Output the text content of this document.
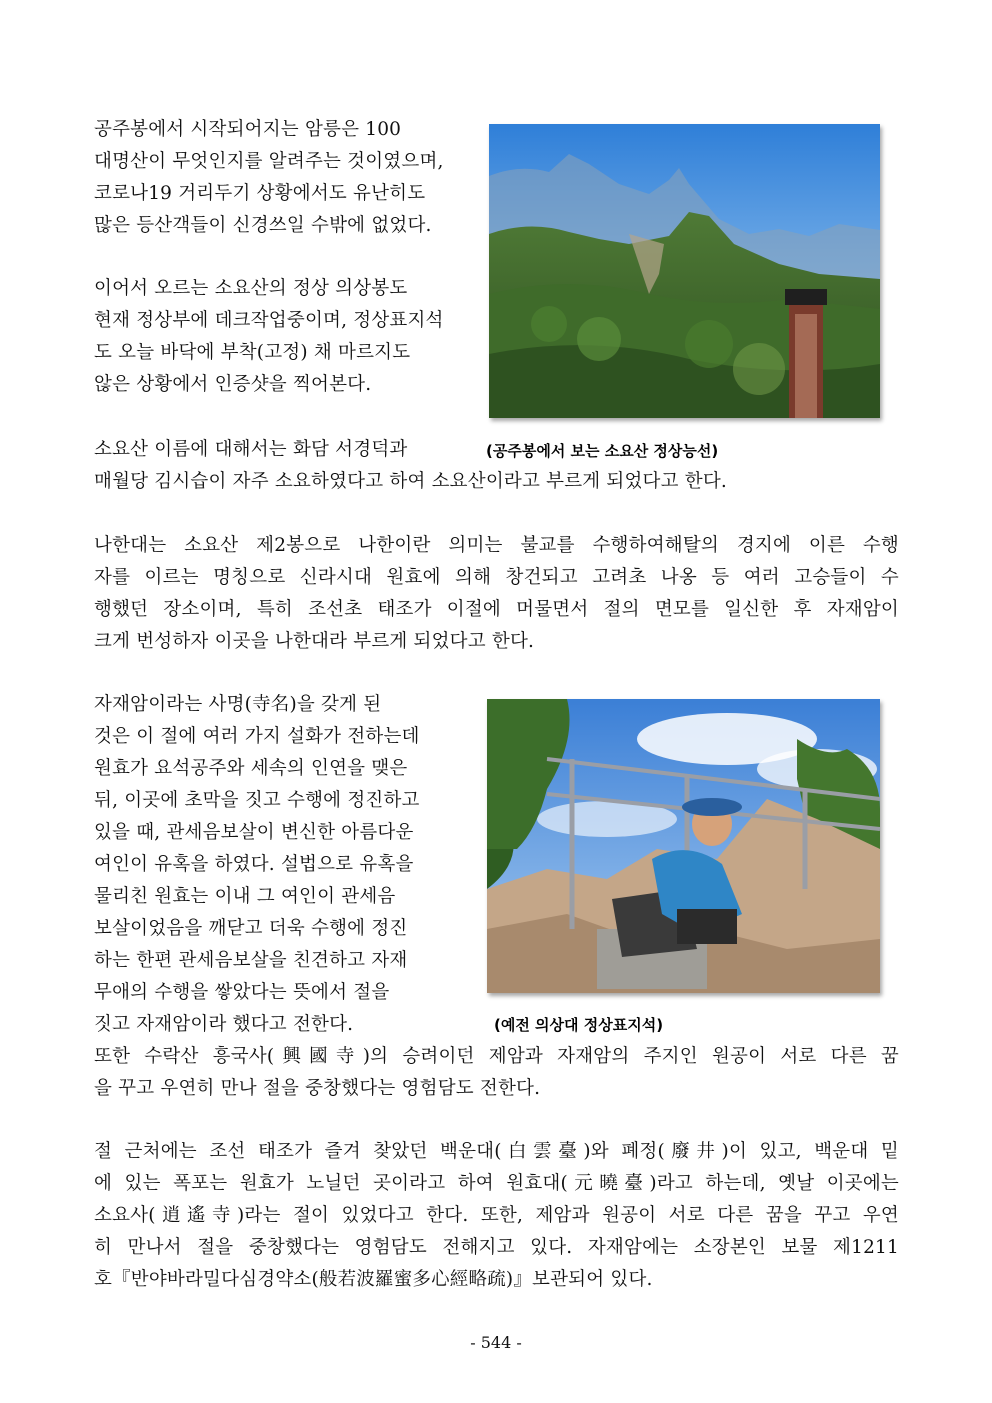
공주봉에서 시작되어지는 암릉은 100
대명산이 무엇인지를 알려주는 것이였으며,
코로나19 거리두기 상황에서도 유난히도
많은 등산객들이 신경쓰일 수밖에 없었다.
이어서 오르는 소요산의 정상 의상봉도
현재 정상부에 데크작업중이며, 정상표지석
도 오늘 바닥에 부착(고정) 채 마르지도
않은 상황에서 인증샷을 찍어본다.
소요산 이름에 대해서는 화담 서경덕과	(공주봉에서 보는 소요산 정상능선)
매월당 김시습이 자주 소요하였다고 하여 소요산이라고 부르게 되었다고 한다.
나한대는 소요산 제2봉으로 나한이란 의미는 불교를 수행하여해탈의 경지에 이른 수행
자를 이르는 명칭으로 신라시대 원효에 의해 창건되고 고려초 나옹 등 여러 고승들이 수
행했던 장소이며, 특히 조선초 태조가 이절에 머물면서 절의 면모를 일신한 후 자재암이
크게 번성하자 이곳을 나한대라 부르게 되었다고 한다.
자재암이라는 사명(寺名)을 갖게 된
것은 이 절에 여러 가지 설화가 전하는데
원효가 요석공주와 세속의 인연을 맺은
뒤, 이곳에 초막을 짓고 수행에 정진하고
있을 때, 관세음보살이 변신한 아름다운
여인이 유혹을 하였다. 설법으로 유혹을
물리친 원효는 이내 그 여인이 관세음
보살이었음을 깨닫고 더욱 수행에 정진
하는 한편 관세음보살을 친견하고 자재
무애의 수행을 쌓았다는 뜻에서 절을
짓고 자재암이라 했다고 전한다.	(예전 의상대 정상표지석)
또한 수락산 흥국사(興國寺)의 승려이던 제암과 자재암의 주지인 원공이 서로 다른 꿈
을 꾸고 우연히 만나 절을 중창했다는 영험담도 전한다.
절 근처에는 조선 태조가 즐겨 찾았던 백운대(白雲臺)와 폐정(廢井)이 있고, 백운대 밑
에 있는 폭포는 원효가 노닐던 곳이라고 하여 원효대(元曉臺)라고 하는데, 옛날 이곳에는
소요사(逍遙寺)라는 절이 있었다고 한다. 또한, 제암과 원공이 서로 다른 꿈을 꾸고 우연
히 만나서 절을 중창했다는 영험담도 전해지고 있다. 자재암에는 소장본인 보물 제1211
호『반야바라밀다심경약소(般若波羅蜜多心經略疏)』보관되어 있다.
- 544 -
